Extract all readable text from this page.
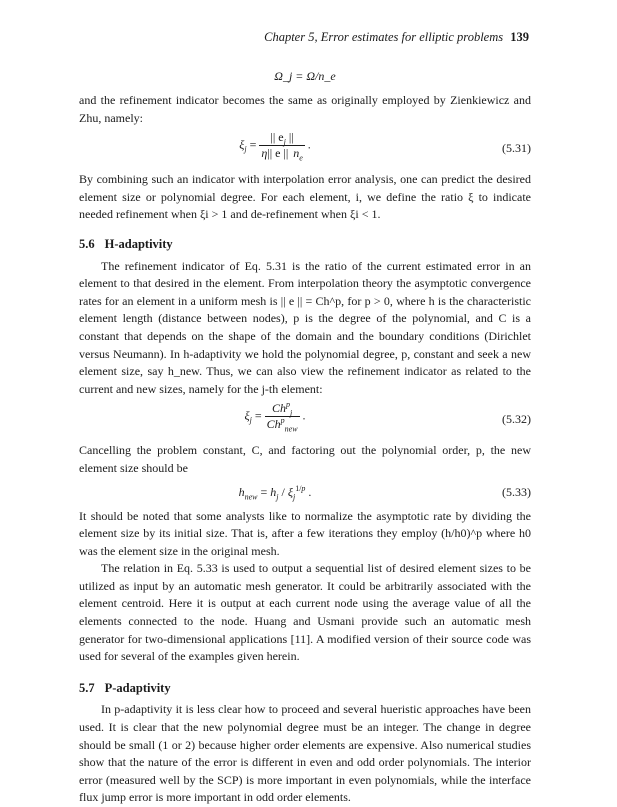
Chapter 5, Error estimates for elliptic problems 139
Ω_j = Ω/n_e

and the refinement indicator becomes the same as originally employed by Zienkiewicz and Zhu, namely:

$\xi_j = \frac{|| e_j ||}{\eta|| e || n_e}$ .	(5.31)

By combining such an indicator with interpolation error analysis, one can predict the desired element size or polynomial degree. For each element, i, we define the ratio ξ to indicate needed refinement when ξi > 1 and de-refinement when ξi < 1.

5.6 H-adaptivity

The refinement indicator of Eq. 5.31 is the ratio of the current estimated error in an element to that desired in the element. From interpolation theory the asymptotic convergence rates for an element in a uniform mesh is || e || = Ch^p, for p > 0, where h is the characteristic element length (distance between nodes), p is the degree of the polynomial, and C is a constant that depends on the shape of the domain and the boundary conditions (Dirichlet versus Neumann). In h-adaptivity we hold the polynomial degree, p, constant and seek a new element size, say h_new. Thus, we can also view the refinement indicator as related to the current and new sizes, namely for the j-th element:

$\xi_j = \frac{Ch^p_j}{Ch^p_{new}}$ .	(5.32)

Cancelling the problem constant, C, and factoring out the polynomial order, p, the new element size should be

$h_{new} = h_j / \xi_j^{1/p}$ .	(5.33)

It should be noted that some analysts like to normalize the asymptotic rate by dividing the element size by its initial size. That is, after a few iterations they employ (h/h0)^p where h0 was the element size in the original mesh.

The relation in Eq. 5.33 is used to output a sequential list of desired element sizes to be utilized as input by an automatic mesh generator. It could be arbitrarily associated with the element centroid. Here it is output at each current node using the average value of all the elements connected to the node. Huang and Usmani provide such an automatic mesh generator for two-dimensional applications [11]. A modified version of their source code was used for several of the examples given herein.

5.7 P-adaptivity

In p-adaptivity it is less clear how to proceed and several hueristic approaches have been used. It is clear that the new polynomial degree must be an integer. The change in degree should be small (1 or 2) because higher order elements are expensive. Also numerical studies show that the nature of the error is different in even and odd order polynomials. The interior error (measured well by the SCP) is more important in even polynomials, while the interface flux jump error is more important in odd order elements.
